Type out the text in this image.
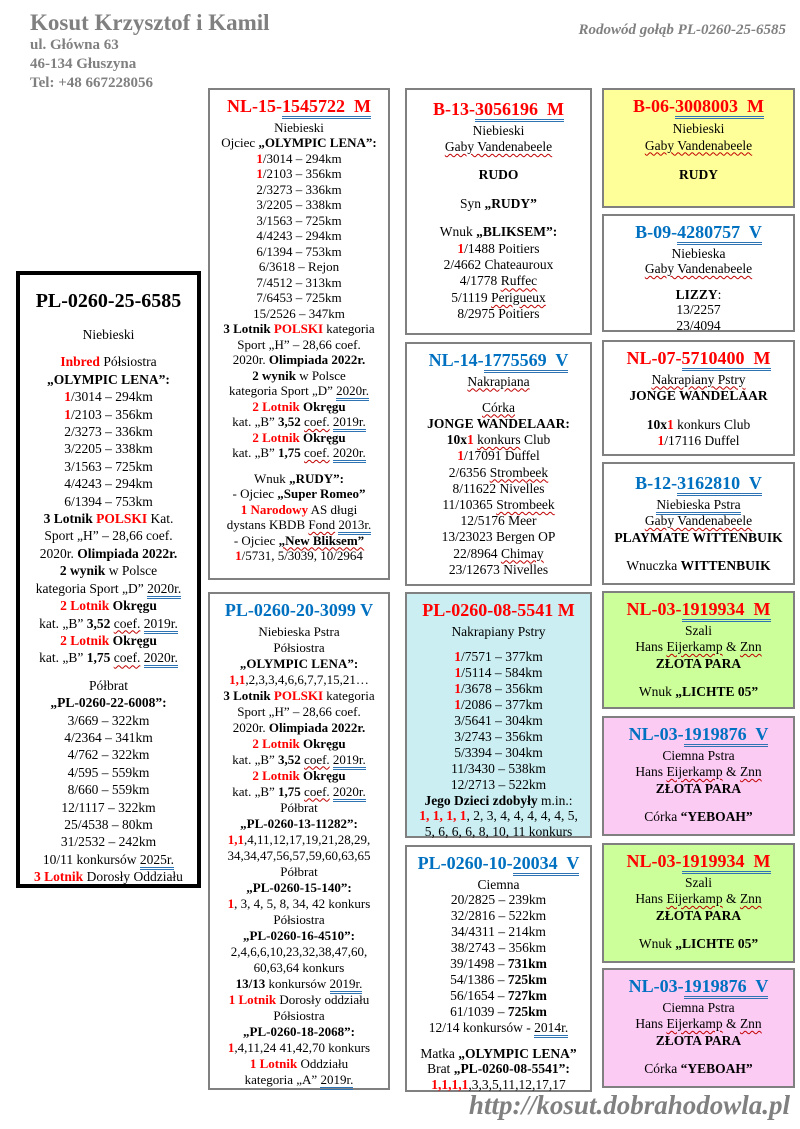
Kosut Krzysztof i Kamil
ul. Główna 63
46-134 Głuszyna
Tel: +48 667228056
Rodowód gołąb PL-0260-25-6585
PL-0260-25-6585
Niebieski
Inbred Półsiostra
„OLYMPIC LENA”:
1/3014 – 294km
1/2103 – 356km
2/3273 – 336km
3/2205 – 338km
3/1563 – 725km
4/4243 – 294km
6/1394 – 753km
3 Lotnik POLSKI Kat.
Sport „H” – 28,66 coef.
2020r. Olimpiada 2022r.
2 wynik w Polsce
kategoria Sport „D” 2020r.
2 Lotnik Okręgu
kat. „B” 3,52 coef. 2019r.
2 Lotnik Okręgu
kat. „B” 1,75 coef. 2020r.
Półbrat
„PL-0260-22-6008”:
3/669 – 322km
4/2364 – 341km
4/762 – 322km
4/595 – 559km
8/660 – 559km
12/1117 – 322km
25/4538 – 80km
31/2532 – 242km
10/11 konkursów 2025r.
3 Lotnik Dorosły Oddziału
NL-15-1545722  M
Niebieski
Ojciec „OLYMPIC LENA”:
1/3014 – 294km
1/2103 – 356km
2/3273 – 336km
3/2205 – 338km
3/1563 – 725km
4/4243 – 294km
6/1394 – 753km
6/3618 – Rejon
7/4512 – 313km
7/6453 – 725km
15/2526 – 347km
3 Lotnik POLSKI kategoria
Sport „H” – 28,66 coef.
2020r. Olimpiada 2022r.
2 wynik w Polsce
kategoria Sport „D” 2020r.
2 Lotnik Okręgu
kat. „B” 3,52 coef. 2019r.
2 Lotnik Okręgu
kat. „B” 1,75 coef. 2020r.
Wnuk „RUDY”:
- Ojciec „Super Romeo”
1 Narodowy AS długi
dystans KBDB Fond 2013r.
- Ojciec „New Bliksem”
1/5731, 5/3039, 10/2964
PL-0260-20-3099 V
Niebieska Pstra
Półsiostra
„OLYMPIC LENA”:
1,1,2,3,3,4,6,6,7,7,15,21…
3 Lotnik POLSKI kategoria
Sport „H” – 28,66 coef.
2020r. Olimpiada 2022r.
2 Lotnik Okręgu
kat. „B” 3,52 coef. 2019r.
2 Lotnik Okręgu
kat. „B” 1,75 coef. 2020r.
Półbrat
„PL-0260-13-11282”:
1,1,4,11,12,17,19,21,28,29,
34,34,47,56,57,59,60,63,65
Półbrat
„PL-0260-15-140”:
1, 3, 4, 5, 8, 34, 42 konkurs
Półsiostra
„PL-0260-16-4510”:
2,4,6,6,10,23,32,38,47,60,
60,63,64 konkurs
13/13 konkursów 2019r.
1 Lotnik Dorosły oddziału
Półsiostra
„PL-0260-18-2068”:
1,4,11,24 41,42,70 konkurs
1 Lotnik Oddziału
kategoria „A” 2019r.
B-13-3056196  M
Niebieski
Gaby Vandenabeele
RUDO
Syn „RUDY”
Wnuk „BLIKSEM”:
1/1488 Poitiers
2/4662 Chateauroux
4/1778 Ruffec
5/1119 Perigueux
8/2975 Poitiers
NL-14-1775569  V
Nakrapiana
Córka
JONGE WANDELAAR:
10x1 konkurs Club
1/17091 Duffel
2/6356 Strombeek
8/11622 Nivelles
11/10365 Strombeek
12/5176 Meer
13/23023 Bergen OP
22/8964 Chimay
23/12673 Nivelles
PL-0260-08-5541 M
Nakrapiany Pstry
1/7571 – 377km
1/5114 – 584km
1/3678 – 356km
1/2086 – 377km
3/5641 – 304km
3/2743 – 356km
5/3394 – 304km
11/3430 – 538km
12/2713 – 522km
Jego Dzieci zdobyły m.in.:
1, 1, 1, 1, 2, 3, 4, 4, 4, 4, 4, 5,
5, 6, 6, 6, 8, 10, 11 konkurs
PL-0260-10-20034  V
Ciemna
20/2825 – 239km
32/2816 – 522km
34/4311 – 214km
38/2743 – 356km
39/1498 – 731km
54/1386 – 725km
56/1654 – 727km
61/1039 – 725km
12/14 konkursów - 2014r.
Matka „OLYMPIC LENA”
Brat „PL-0260-08-5541”:
1,1,1,1,3,3,5,11,12,17,17
B-06-3008003  M
Niebieski
Gaby Vandenabeele
RUDY
B-09-4280757  V
Niebieska
Gaby Vandenabeele
LIZZY:
13/2257
23/4094
NL-07-5710400  M
Nakrapiany Pstry
JONGE WANDELAAR
10x1 konkurs Club
1/17116 Duffel
B-12-3162810  V
Niebieska Pstra
Gaby Vandenabeele
PLAYMATE WITTENBUIK
Wnuczka WITTENBUIK
NL-03-1919934  M
Szali
Hans Eijerkamp & Znn
ZŁOTA PARA
Wnuk „LICHTE 05”
NL-03-1919876  V
Ciemna Pstra
Hans Eijerkamp & Znn
ZŁOTA PARA
Córka “YEBOAH”
NL-03-1919934  M
Szali
Hans Eijerkamp & Znn
ZŁOTA PARA
Wnuk „LICHTE 05”
NL-03-1919876  V
Ciemna Pstra
Hans Eijerkamp & Znn
ZŁOTA PARA
Córka “YEBOAH”
http://kosut.dobrahodowla.pl
